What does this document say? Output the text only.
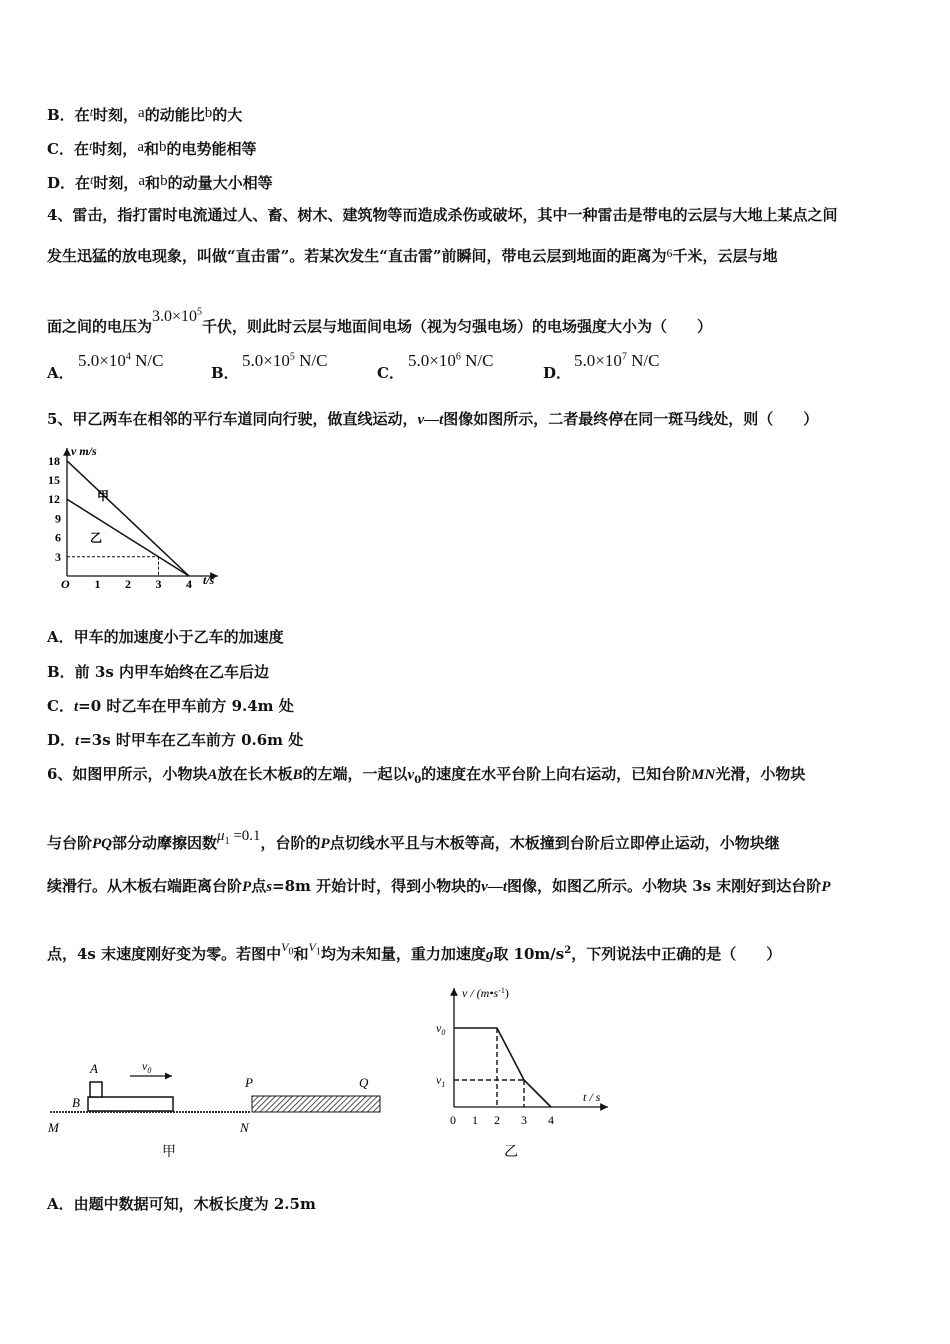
B．在$^t$时刻，a的动能比b的大
C．在$^t$时刻，a和b的电势能相等
D．在$^t$时刻，a和b的动量大小相等
4、雷击，指打雷时电流通过人、畜、树木、建筑物等而造成杀伤或破坏，其中一种雷击是带电的云层与大地上某点之间
发生迅猛的放电现象，叫做“直击雷”。若某次发生“直击雷”前瞬间，带电云层到地面的距离为$^6$千米，云层与地
面之间的电压为$3.0\times 10^5$千伏，则此时云层与地面间电场（视为匀强电场）的电场强度大小为（　　）
A．
$5.0\times 10^4$ N/C
B．
$5.0\times 10^5$ N/C
C．
$5.0\times 10^6$ N/C
D．
$5.0\times 10^7$ N/C
5、甲乙两车在相邻的平行车道同向行驶，做直线运动，v—t图像如图所示，二者最终停在同一斑马线处，则（　　）
v m/s
t/s
O 1 2 3 4
3
6
9
12
15
18
甲
乙
A．甲车的加速度小于乙车的加速度
B．前 3s 内甲车始终在乙车后边
C．t=0 时乙车在甲车前方 9.4m 处
D．t=3s 时甲车在乙车前方 0.6m 处
6、如图甲所示，小物块A放在长木板B的左端，一起以$v_0$的速度在水平台阶上向右运动，已知台阶MN光滑，小物块
与台阶PQ部分动摩擦因数$\mu_1 =0.1$，台阶的P点切线水平且与木板等高，木板撞到台阶后立即停止运动，小物块继
续滑行。从木板右端距离台阶P点s=8m 开始计时，得到小物块的v—t图像，如图乙所示。小物块 3s 末刚好到达台阶P
点，4s 末速度刚好变为零。若图中$^{V_0}$和$^{V_1}$均为未知量，重力加速度g取 $10m/s^2$，下列说法中正确的是（　　）
A
B
$v_0$
P	Q
M	N
甲
v / $(m•s^{-1})$
t / s
$v_0$
$v_1$
0 1 2 3 4
乙
A．由题中数据可知，木板长度为 2.5m
